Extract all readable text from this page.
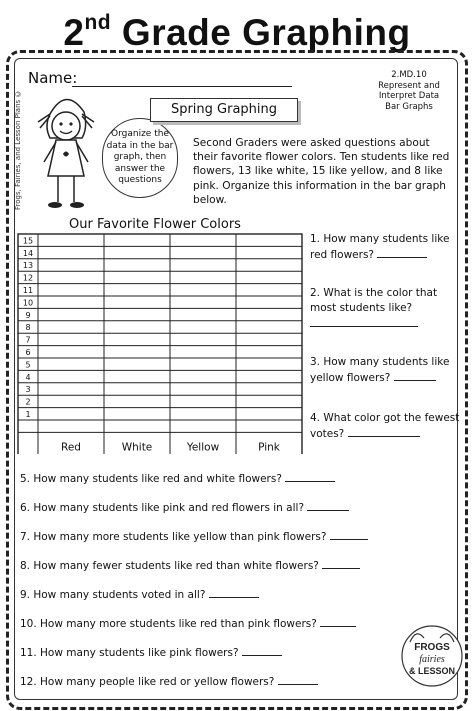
2nd Grade Graphing
Name:	2.MD.10
Represent and
Interpret Data
Bar Graphs
Frogs, Fairies, and Lesson Plans ©	Organize the
data in the bar
graph, then
answer the
questions
Spring Graphing
Second Graders were asked questions about
their favorite flower colors. Ten students like red
flowers, 13 like white, 15 like yellow, and 8 like
pink. Organize this information in the bar graph
below.
Our Favorite Flower Colors
15
14
13
12
11
10
9
8
7
6
5
4
3
2
1
Red	White	Yellow	Pink
1. How many students like
red flowers?
2. What is the color that
most students like?
3. How many students like
yellow flowers?
4. What color got the fewest
votes?
5. How many students like red and white flowers?
6. How many students like pink and red flowers in all?
7. How many more students like yellow than pink flowers?
8. How many fewer students like red than white flowers?
9. How many students voted in all?
10. How many more students like red than pink flowers?
11. How many students like pink flowers?
12. How many people like red or yellow flowers?
FROGS
fairies
& LESSON
